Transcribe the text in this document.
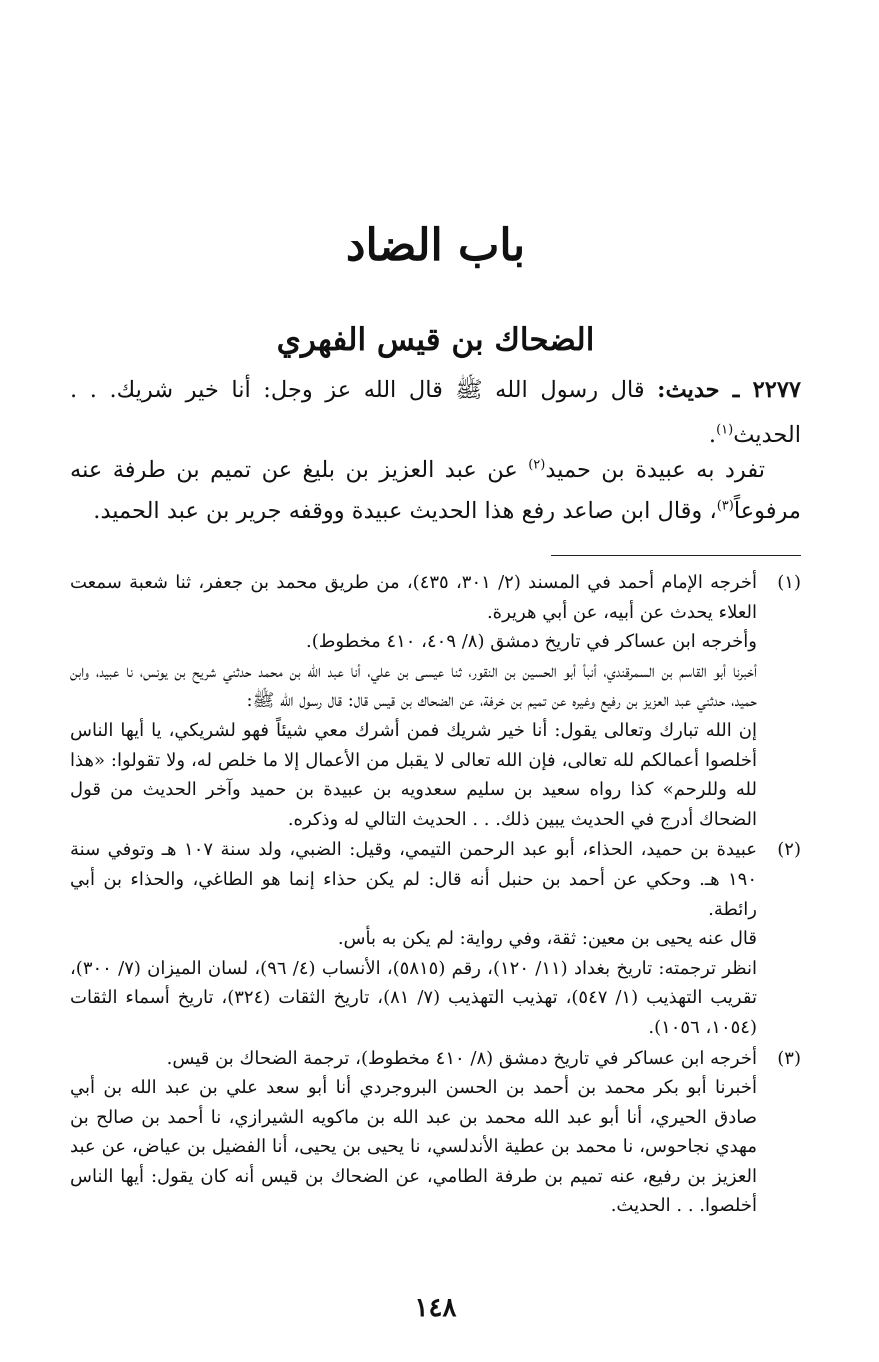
باب الضاد
الضحاك بن قيس الفهري
٢٢٧٧ ـ حديث: قال رسول الله ﷺ قال الله عز وجل: أنا خير شريك. . . الحديث$^{(١)}$.
تفرد به عبيدة بن حميد$^{(٢)}$ عن عبد العزيز بن بليغ عن تميم بن طرفة عنه مرفوعاً$^{(٣)}$، وقال ابن صاعد رفع هذا الحديث عبيدة ووقفه جرير بن عبد الحميد.
(١)
أخرجه الإمام أحمد في المسند (٢/ ٣٠١، ٤٣٥)، من طريق محمد بن جعفر، ثنا شعبة سمعت العلاء يحدث عن أبيه، عن أبي هريرة.
وأخرجه ابن عساكر في تاريخ دمشق (٨/ ٤٠٩، ٤١٠ مخطوط).
أخبرنا أبو القاسم بن السمرقندي، أنبأ أبو الحسين بن النقور، ثنا عيسى بن علي، أنا عبد الله بن محمد حدثني شريح بن يونس، نا عبيد، وابن حميد، حدثني عبد العزيز بن رفيع وغيره عن تميم بن خرفة، عن الضحاك بن قيس قال: قال رسول الله ﷺ:
إن الله تبارك وتعالى يقول: أنا خير شريك فمن أشرك معي شيئاً فهو لشريكي، يا أيها الناس أخلصوا أعمالكم لله تعالى، فإن الله تعالى لا يقبل من الأعمال إلا ما خلص له، ولا تقولوا: «هذا لله وللرحم» كذا رواه سعيد بن سليم سعدويه بن عبيدة بن حميد وآخر الحديث من قول الضحاك أدرج في الحديث يبين ذلك. . . الحديث التالي له وذكره.
(٢)
عبيدة بن حميد، الحذاء، أبو عبد الرحمن التيمي، وقيل: الضبي، ولد سنة ١٠٧ هـ وتوفي سنة ١٩٠ هـ. وحكي عن أحمد بن حنبل أنه قال: لم يكن حذاء إنما هو الطاغي، والحذاء بن أبي رائطة.
قال عنه يحيى بن معين: ثقة، وفي رواية: لم يكن به بأس.
انظر ترجمته: تاريخ بغداد (١١/ ١٢٠)، رقم (٥٨١٥)، الأنساب (٤/ ٩٦)، لسان الميزان (٧/ ٣٠٠)، تقريب التهذيب (١/ ٥٤٧)، تهذيب التهذيب (٧/ ٨١)، تاريخ الثقات (٣٢٤)، تاريخ أسماء الثقات (١٠٥٤، ١٠٥٦).
(٣)
أخرجه ابن عساكر في تاريخ دمشق (٨/ ٤١٠ مخطوط)، ترجمة الضحاك بن قيس.
أخبرنا أبو بكر محمد بن أحمد بن الحسن البروجردي أنا أبو سعد علي بن عبد الله بن أبي صادق الحيري، أنا أبو عبد الله محمد بن عبد الله بن ماكويه الشيرازي، نا أحمد بن صالح بن مهدي نجاحوس، نا محمد بن عطية الأندلسي، نا يحيى بن يحيى، أنا الفضيل بن عياض، عن عبد العزيز بن رفيع، عنه تميم بن طرفة الطامي، عن الضحاك بن قيس أنه كان يقول: أيها الناس أخلصوا. . . الحديث.
١٤٨
